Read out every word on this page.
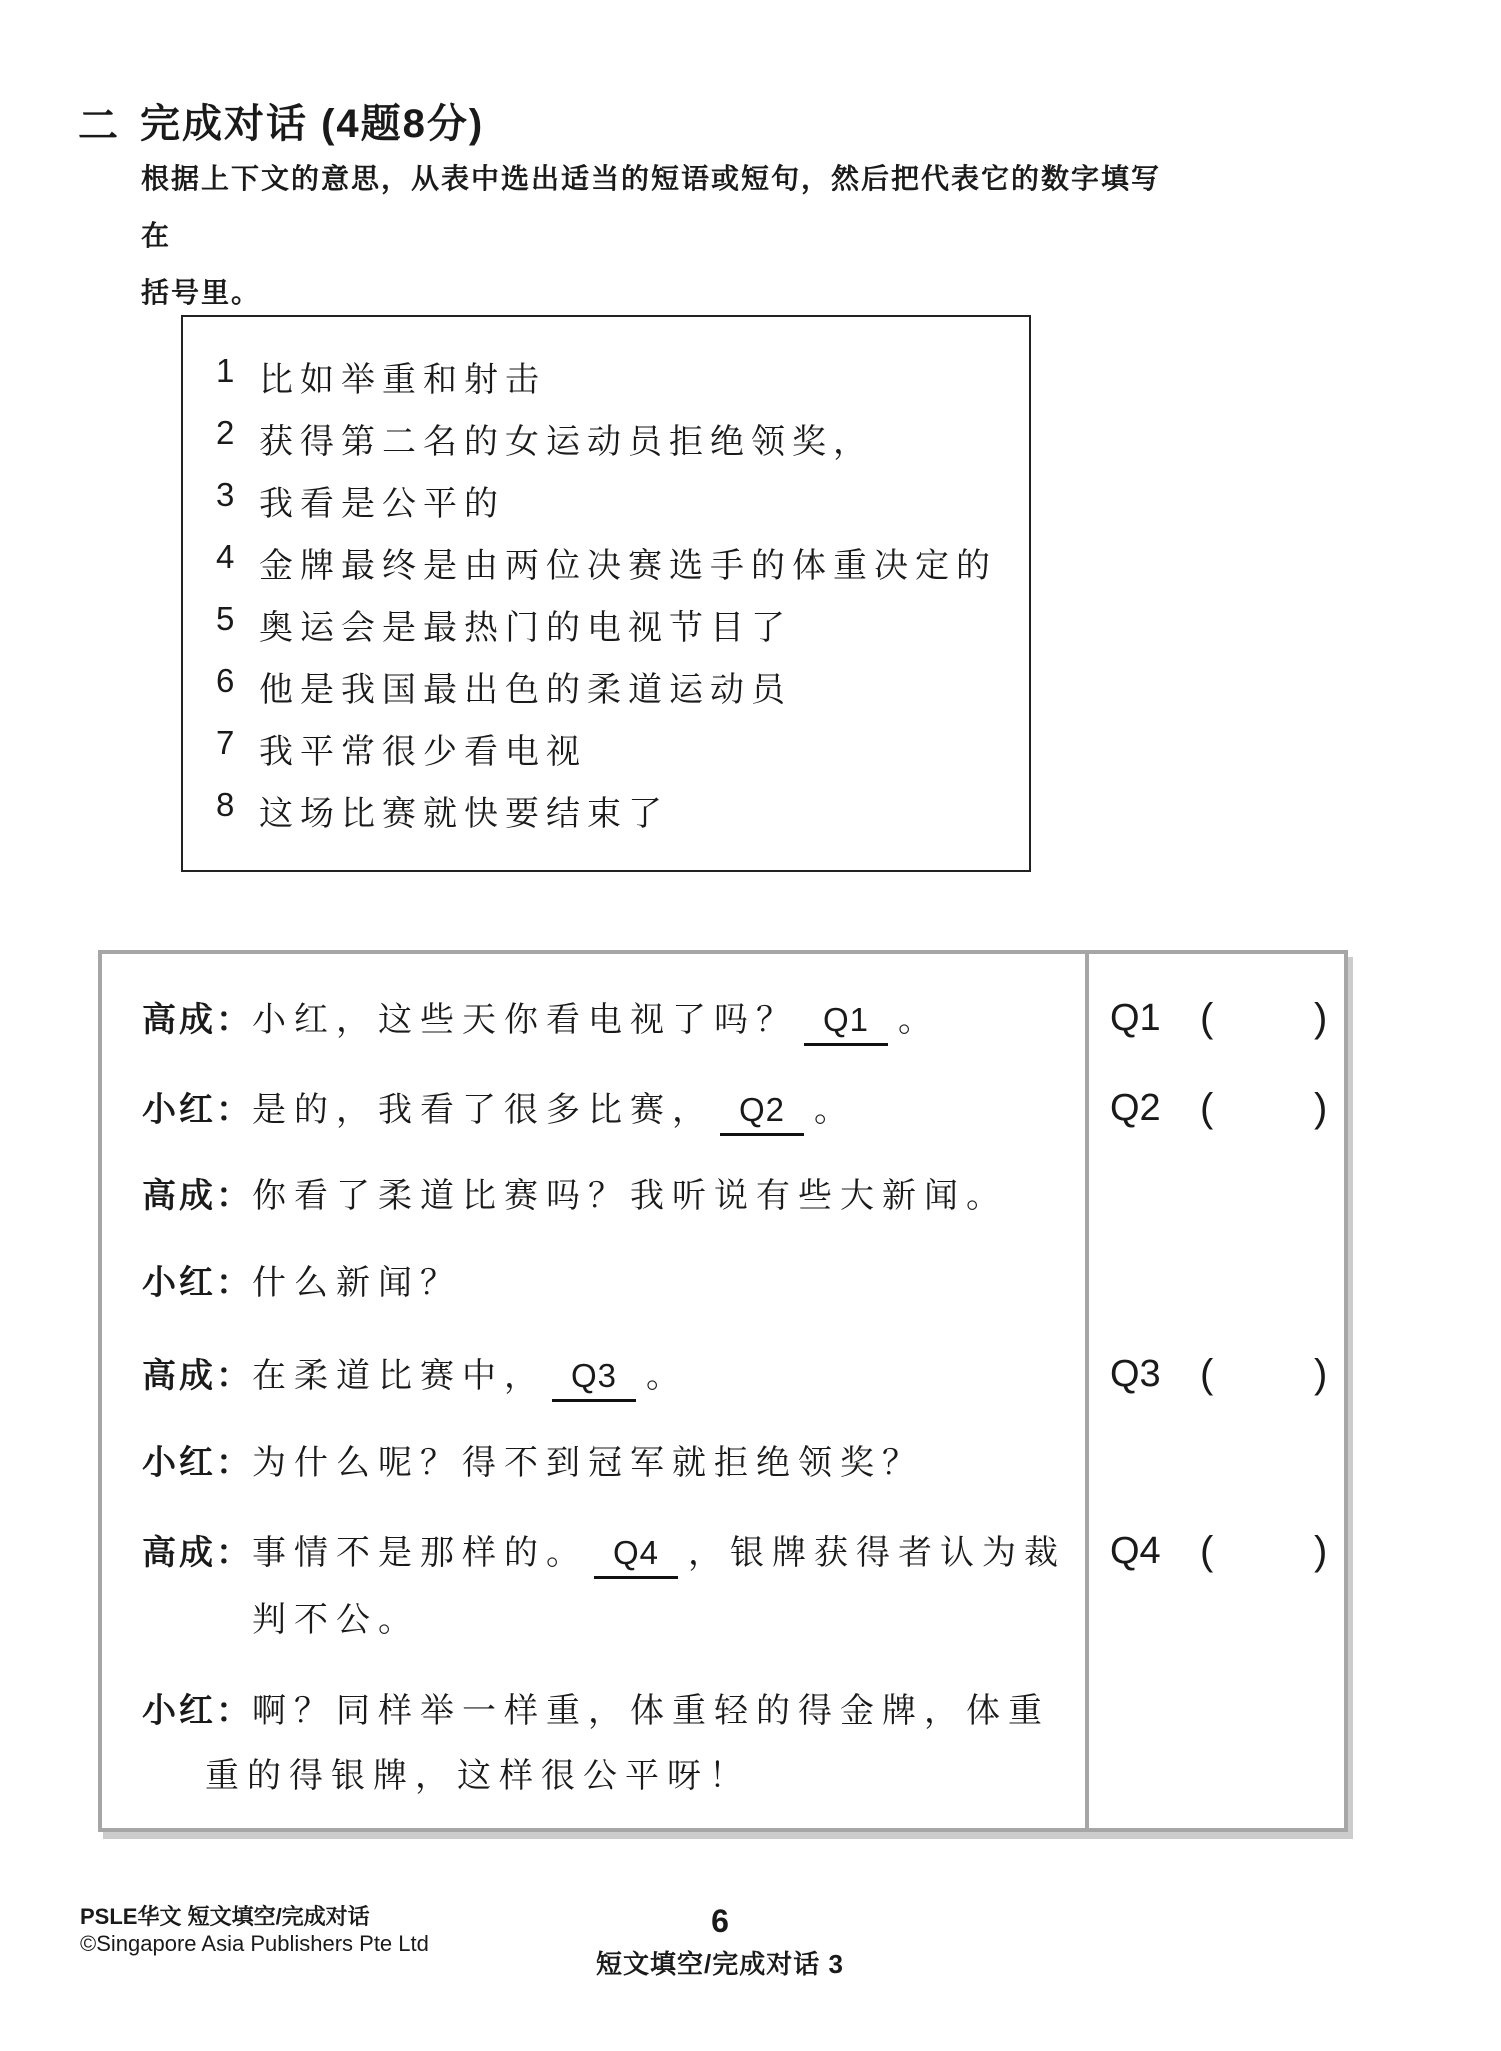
二 完成对话 (4题8分)
根据上下文的意思，从表中选出适当的短语或短句，然后把代表它的数字填写在
括号里。
1 比如举重和射击
2 获得第二名的女运动员拒绝领奖，
3 我看是公平的
4 金牌最终是由两位决赛选手的体重决定的
5 奥运会是最热门的电视节目了
6 他是我国最出色的柔道运动员
7 我平常很少看电视
8 这场比赛就快要结束了
高成：小红，这些天你看电视了吗？ Q1 。
小红：是的，我看了很多比赛， Q2 。
高成：你看了柔道比赛吗？我听说有些大新闻。
小红：什么新闻？
高成：在柔道比赛中， Q3 。
小红：为什么呢？得不到冠军就拒绝领奖？
高成：事情不是那样的。 Q4 ，银牌获得者认为裁
判不公。
小红：啊？同样举一样重，体重轻的得金牌，体重
重的得银牌，这样很公平呀！
Q1 (	)
Q2 (	)
Q3 (	)
Q4 (	)
PSLE华文 短文填空/完成对话
©Singapore Asia Publishers Pte Ltd
6
短文填空/完成对话 3
